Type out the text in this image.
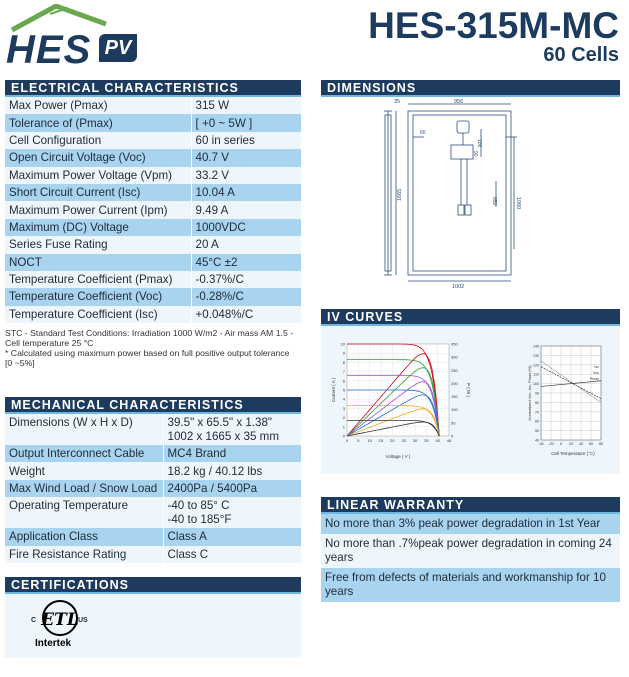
HES PV
HES-315M-MC
60 Cells
ELECTRICAL CHARACTERISTICS
Max Power (Pmax)	315 W
Tolerance of (Pmax)	[ +0 ~ 5W ]
Cell Configuration	60 in series
Open Circuit Voltage (Voc)	40.7 V
Maximum Power Voltage (Vpm)	33.2 V
Short Circuit Current (Isc)	10.04 A
Maximum Power Current (Ipm)	9.49 A
Maximum (DC) Voltage	1000VDC
Series Fuse Rating	20 A
NOCT	45°C ±2
Temperature Coefficient (Pmax)	-0.37%/C
Temperature Coefficient (Voc)	-0.28%/C
Temperature Coefficient (Isc)	+0.048%/C
STC - Standard Test Conditions: Irradiation 1000 W/m2 - Air mass AM 1.5 - Cell temperature 25 °C
* Calculated using maximum power based on full positive output tolerance [0 ~5%]
MECHANICAL CHARACTERISTICS
Dimensions (W x H x D)	39.5" x 65.5" x 1.38"
1002 x 1665 x 35 mm

Output Interconnect Cable	MC4 Brand
Weight	18.2 kg / 40.12 lbs
Max Wind Load / Snow Load	2400Pa / 5400Pa
Operating Temperature	-40 to 85° C
-40 to 185°F

Application Class	Class A
Fire Resistance Rating	Class C
CERTIFICATIONS
ETL
C	US
Intertek
DIMENSIONS
35	956
1002
1665
1060
850
100
90
60
IV CURVES
10
9
8
7
6
5
4
3
2
1
0
0 5 10 15 20 25 30 35 40 45
350
300
250
200
150
100
50
0
Voltage ( V )
Current ( A )	P ( W )
140
130
120
110
100
90
80
70
60
50
40
-40 -20 0 20 40 60 80
Isc
Voc
Pmax
Cell Temperature (°C)
Normalized Voc, Isc, Pmax (%)
LINEAR WARRANTY
No more than 3% peak power degradation in 1st Year
No more than .7%peak power degradation in coming 24 years
Free from defects of materials and workmanship for 10 years
